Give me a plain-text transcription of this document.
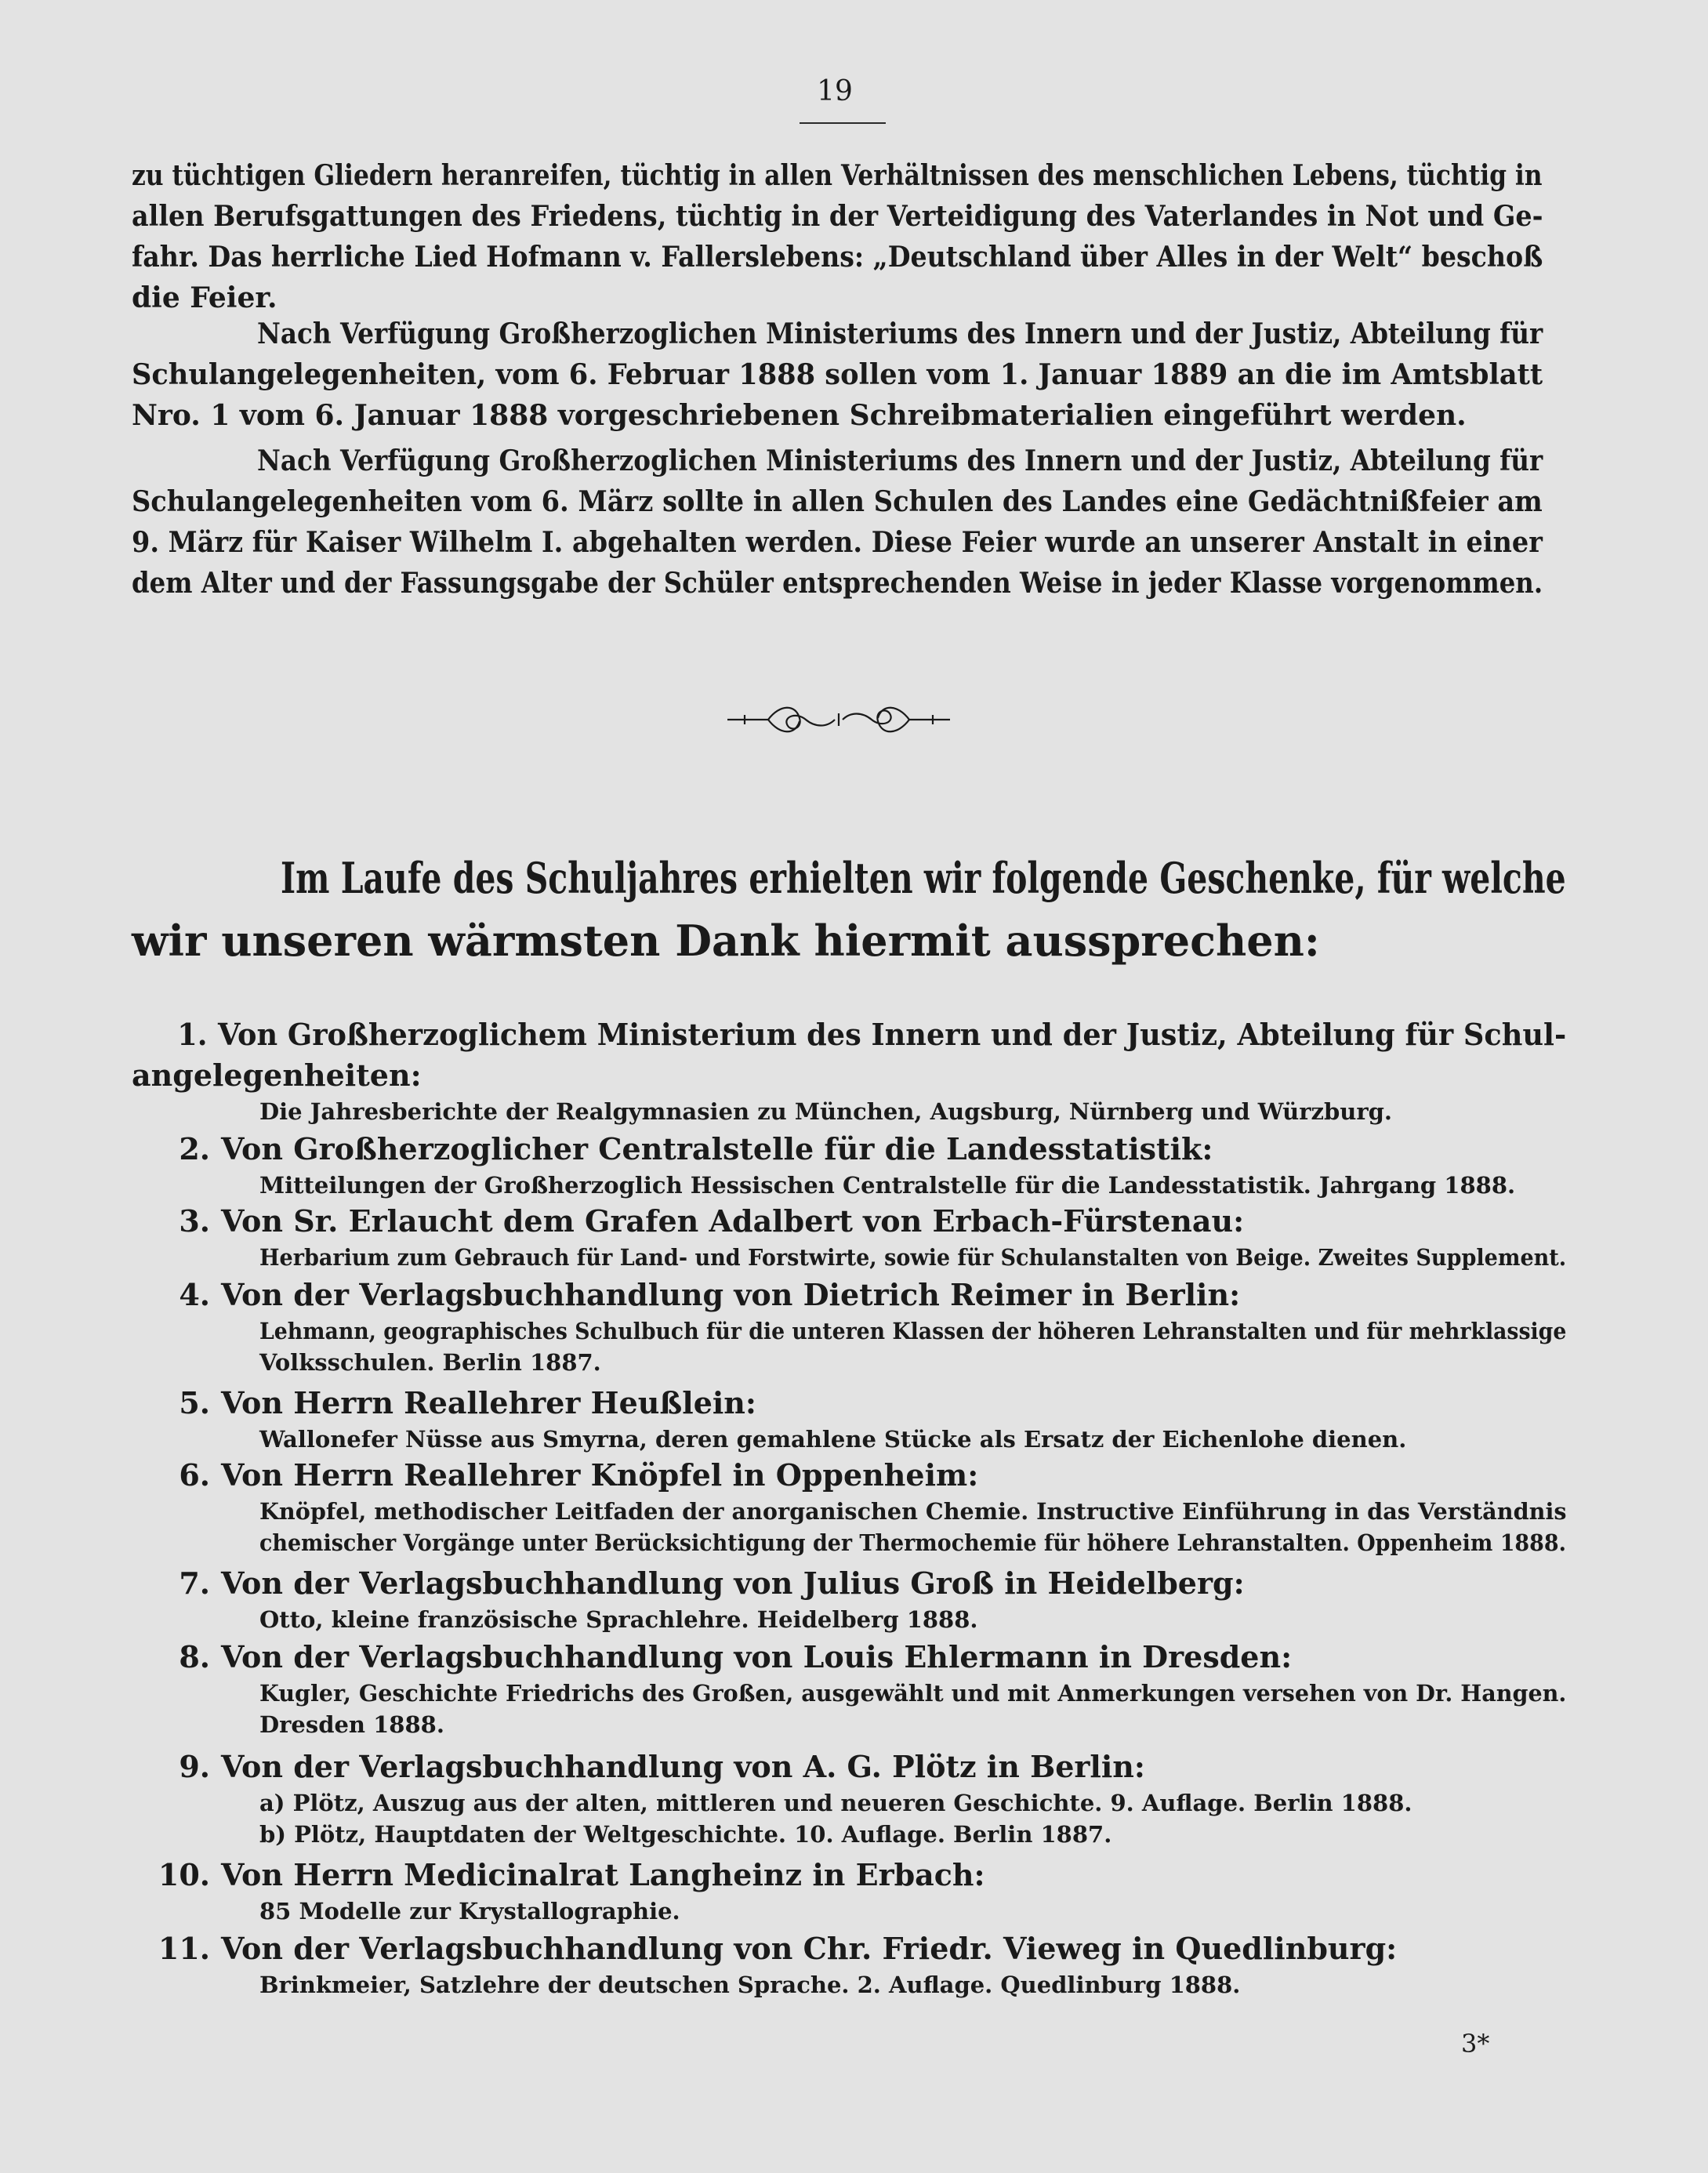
19
zu tüchtigen Gliedern heranreifen, tüchtig in allen Verhältnissen des menschlichen Lebens, tüchtig in
allen Berufsgattungen des Friedens, tüchtig in der Verteidigung des Vaterlandes in Not und Ge-
fahr. Das herrliche Lied Hofmann v. Fallerslebens: „Deutschland über Alles in der Welt“ beschoß
die Feier.
Nach Verfügung Großherzoglichen Ministeriums des Innern und der Justiz, Abteilung für
Schulangelegenheiten, vom 6. Februar 1888 sollen vom 1. Januar 1889 an die im Amtsblatt
Nro. 1 vom 6. Januar 1888 vorgeschriebenen Schreibmaterialien eingeführt werden.
Nach Verfügung Großherzoglichen Ministeriums des Innern und der Justiz, Abteilung für
Schulangelegenheiten vom 6. März sollte in allen Schulen des Landes eine Gedächtnißfeier am
9. März für Kaiser Wilhelm I. abgehalten werden. Diese Feier wurde an unserer Anstalt in einer
dem Alter und der Fassungsgabe der Schüler entsprechenden Weise in jeder Klasse vorgenommen.
Im Laufe des Schuljahres erhielten wir folgende Geschenke, für welche
wir unseren wärmsten Dank hiermit aussprechen:
1. Von Großherzoglichem Ministerium des Innern und der Justiz, Abteilung für Schul-
angelegenheiten:
Die Jahresberichte der Realgymnasien zu München, Augsburg, Nürnberg und Würzburg.
2. Von Großherzoglicher Centralstelle für die Landesstatistik:
Mitteilungen der Großherzoglich Hessischen Centralstelle für die Landesstatistik. Jahrgang 1888.
3. Von Sr. Erlaucht dem Grafen Adalbert von Erbach-Fürstenau:
Herbarium zum Gebrauch für Land- und Forstwirte, sowie für Schulanstalten von Beige. Zweites Supplement.
4. Von der Verlagsbuchhandlung von Dietrich Reimer in Berlin:
Lehmann, geographisches Schulbuch für die unteren Klassen der höheren Lehranstalten und für mehrklassige
Volksschulen. Berlin 1887.
5. Von Herrn Reallehrer Heußlein:
Wallonefer Nüsse aus Smyrna, deren gemahlene Stücke als Ersatz der Eichenlohe dienen.
6. Von Herrn Reallehrer Knöpfel in Oppenheim:
Knöpfel, methodischer Leitfaden der anorganischen Chemie. Instructive Einführung in das Verständnis
chemischer Vorgänge unter Berücksichtigung der Thermochemie für höhere Lehranstalten. Oppenheim 1888.
7. Von der Verlagsbuchhandlung von Julius Groß in Heidelberg:
Otto, kleine französische Sprachlehre. Heidelberg 1888.
8. Von der Verlagsbuchhandlung von Louis Ehlermann in Dresden:
Kugler, Geschichte Friedrichs des Großen, ausgewählt und mit Anmerkungen versehen von Dr. Hangen.
Dresden 1888.
9. Von der Verlagsbuchhandlung von A. G. Plötz in Berlin:
a) Plötz, Auszug aus der alten, mittleren und neueren Geschichte. 9. Auflage. Berlin 1888.
b) Plötz, Hauptdaten der Weltgeschichte. 10. Auflage. Berlin 1887.
10. Von Herrn Medicinalrat Langheinz in Erbach:
85 Modelle zur Krystallographie.
11. Von der Verlagsbuchhandlung von Chr. Friedr. Vieweg in Quedlinburg:
Brinkmeier, Satzlehre der deutschen Sprache. 2. Auflage. Quedlinburg 1888.
3*
